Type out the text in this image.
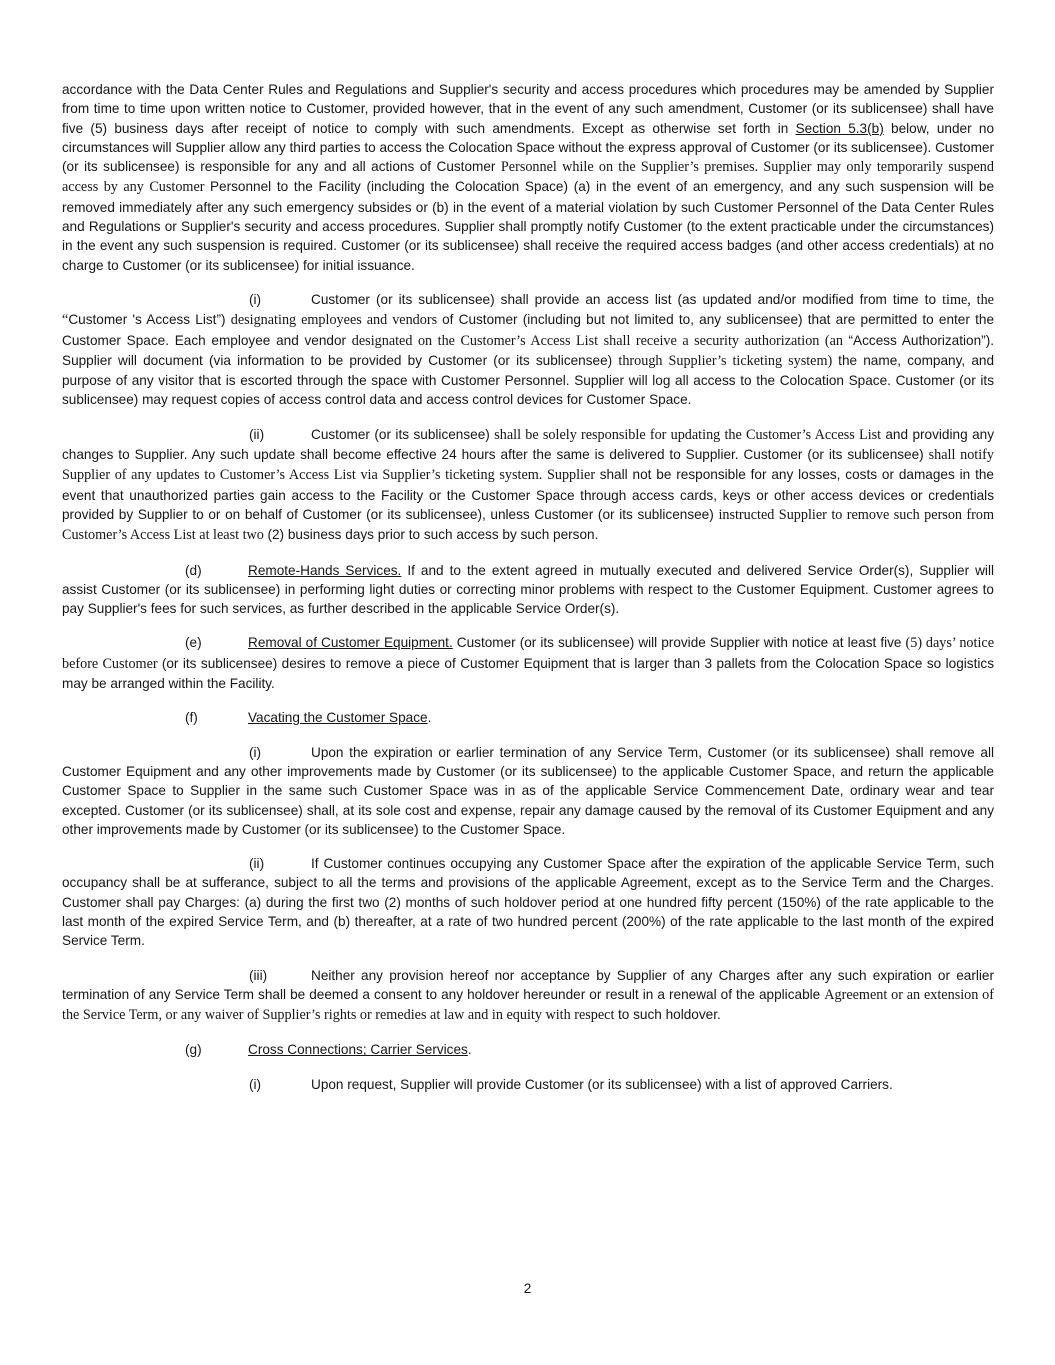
accordance with the Data Center Rules and Regulations and Supplier's security and access procedures which procedures may be amended by Supplier from time to time upon written notice to Customer, provided however, that in the event of any such amendment, Customer (or its sublicensee) shall have five (5) business days after receipt of notice to comply with such amendments. Except as otherwise set forth in Section 5.3(b) below, under no circumstances will Supplier allow any third parties to access the Colocation Space without the express approval of Customer (or its sublicensee). Customer (or its sublicensee) is responsible for any and all actions of Customer Personnel while on the Supplier’s premises. Supplier may only temporarily suspend access by any Customer Personnel to the Facility (including the Colocation Space) (a) in the event of an emergency, and any such suspension will be removed immediately after any such emergency subsides or (b) in the event of a material violation by such Customer Personnel of the Data Center Rules and Regulations or Supplier's security and access procedures. Supplier shall promptly notify Customer (to the extent practicable under the circumstances) in the event any such suspension is required. Customer (or its sublicensee) shall receive the required access badges (and other access credentials) at no charge to Customer (or its sublicensee) for initial issuance.

(i)	Customer (or its sublicensee) shall provide an access list (as updated and/or modified from time to time, the “Customer 's Access List”) designating employees and vendors of Customer (including but not limited to, any sublicensee) that are permitted to enter the Customer Space. Each employee and vendor designated on the Customer’s Access List shall receive a security authorization (an “Access Authorization”). Supplier will document (via information to be provided by Customer (or its sublicensee) through Supplier’s ticketing system) the name, company, and purpose of any visitor that is escorted through the space with Customer Personnel. Supplier will log all access to the Colocation Space. Customer (or its sublicensee) may request copies of access control data and access control devices for Customer Space.

(ii)	Customer (or its sublicensee) shall be solely responsible for updating the Customer’s Access List and providing any changes to Supplier. Any such update shall become effective 24 hours after the same is delivered to Supplier. Customer (or its sublicensee) shall notify Supplier of any updates to Customer’s Access List via Supplier’s ticketing system. Supplier shall not be responsible for any losses, costs or damages in the event that unauthorized parties gain access to the Facility or the Customer Space through access cards, keys or other access devices or credentials provided by Supplier to or on behalf of Customer (or its sublicensee), unless Customer (or its sublicensee) instructed Supplier to remove such person from Customer’s Access List at least two (2) business days prior to such access by such person.

(d)	Remote-Hands Services. If and to the extent agreed in mutually executed and delivered Service Order(s), Supplier will assist Customer (or its sublicensee) in performing light duties or correcting minor problems with respect to the Customer Equipment. Customer agrees to pay Supplier's fees for such services, as further described in the applicable Service Order(s).

(e)	Removal of Customer Equipment. Customer (or its sublicensee) will provide Supplier with notice at least five (5) days’ notice before Customer (or its sublicensee) desires to remove a piece of Customer Equipment that is larger than 3 pallets from the Colocation Space so logistics may be arranged within the Facility.

(f)	Vacating the Customer Space.

(i)	Upon the expiration or earlier termination of any Service Term, Customer (or its sublicensee) shall remove all Customer Equipment and any other improvements made by Customer (or its sublicensee) to the applicable Customer Space, and return the applicable Customer Space to Supplier in the same such Customer Space was in as of the applicable Service Commencement Date, ordinary wear and tear excepted. Customer (or its sublicensee) shall, at its sole cost and expense, repair any damage caused by the removal of its Customer Equipment and any other improvements made by Customer (or its sublicensee) to the Customer Space.

(ii)	If Customer continues occupying any Customer Space after the expiration of the applicable Service Term, such occupancy shall be at sufferance, subject to all the terms and provisions of the applicable Agreement, except as to the Service Term and the Charges. Customer shall pay Charges: (a) during the first two (2) months of such holdover period at one hundred fifty percent (150%) of the rate applicable to the last month of the expired Service Term, and (b) thereafter, at a rate of two hundred percent (200%) of the rate applicable to the last month of the expired Service Term.

(iii)	Neither any provision hereof nor acceptance by Supplier of any Charges after any such expiration or earlier termination of any Service Term shall be deemed a consent to any holdover hereunder or result in a renewal of the applicable Agreement or an extension of the Service Term, or any waiver of Supplier’s rights or remedies at law and in equity with respect to such holdover.

(g)	Cross Connections; Carrier Services.

(i)	Upon request, Supplier will provide Customer (or its sublicensee) with a list of approved Carriers.

2
